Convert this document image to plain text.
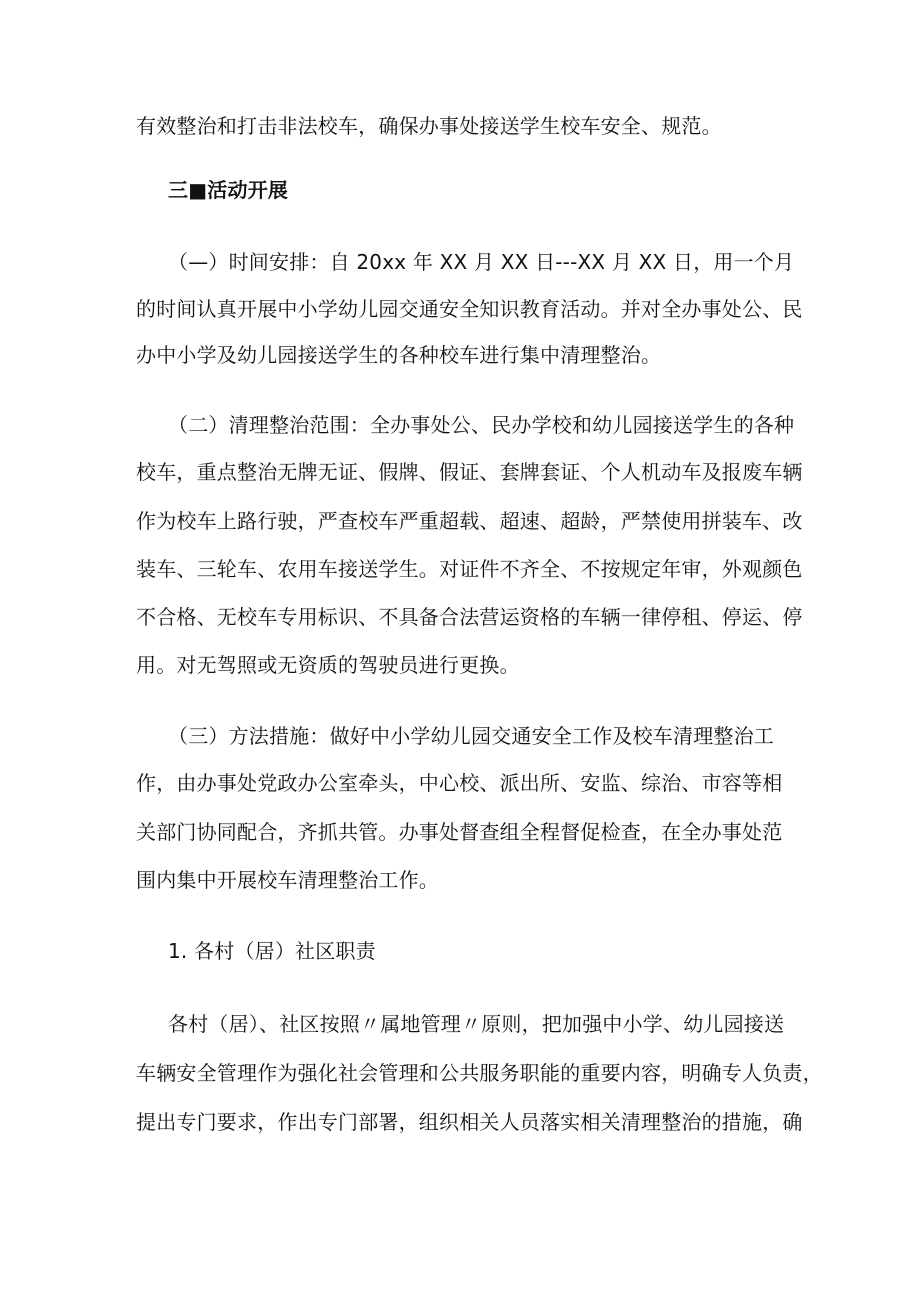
有效整治和打击非法校车，确保办事处接送学生校车安全、规范。
三■活动开展
（—）时间安排：自 20xx 年 XX 月 XX 日---XX 月 XX 日，用一个月
的时间认真开展中小学幼儿园交通安全知识教育活动。并对全办事处公、民
办中小学及幼儿园接送学生的各种校车进行集中清理整治。
（二）清理整治范围：全办事处公、民办学校和幼儿园接送学生的各种
校车，重点整治无牌无证、假牌、假证、套牌套证、个人机动车及报废车辆
作为校车上路行驶，严查校车严重超载、超速、超龄，严禁使用拼装车、改
装车、三轮车、农用车接送学生。对证件不齐全、不按规定年审，外观颜色
不合格、无校车专用标识、不具备合法营运资格的车辆一律停租、停运、停
用。对无驾照或无资质的驾驶员进行更换。
（三）方法措施：做好中小学幼儿园交通安全工作及校车清理整治工
作，由办事处党政办公室牵头，中心校、派出所、安监、综治、市容等相
关部门协同配合，齐抓共管。办事处督查组全程督促检查，在全办事处范
围内集中开展校车清理整治工作。
1. 各村（居）社区职责
各村（居）、社区按照〃属地管理〃原则，把加强中小学、幼儿园接送
车辆安全管理作为强化社会管理和公共服务职能的重要内容，明确专人负责，
提出专门要求，作出专门部署，组织相关人员落实相关清理整治的措施，确
